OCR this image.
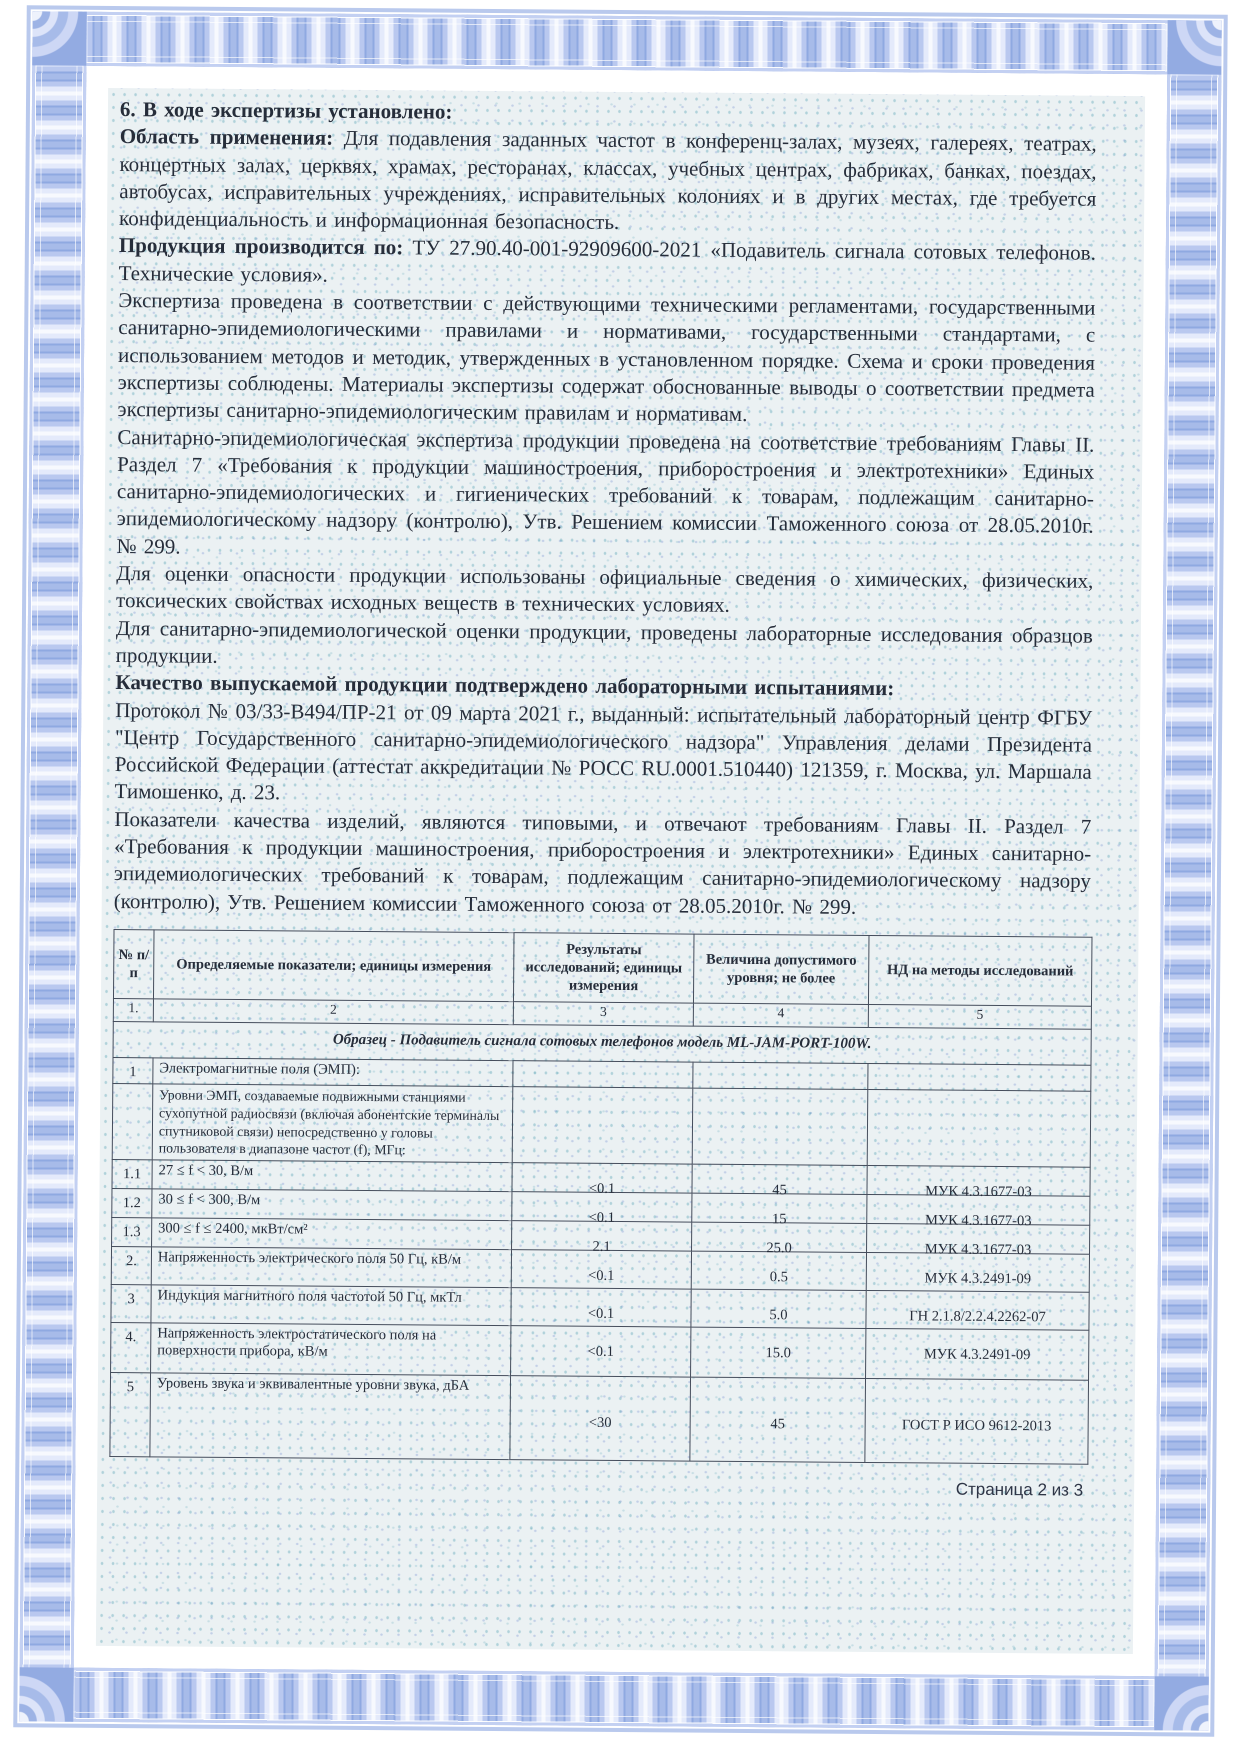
6. В ходе экспертизы установлено:

Область применения: Для подавления заданных частот в конференц-залах, музеях, галереях, театрах, концертных залах, церквях, храмах, ресторанах, классах, учебных центрах, фабриках, банках, поездах, автобусах, исправительных учреждениях, исправительных колониях и в других местах, где требуется конфиденциальность и информационная безопасность.

Продукция производится по: ТУ 27.90.40-001-92909600-2021 «Подавитель сигнала сотовых телефонов. Технические условия».

Экспертиза проведена в соответствии с действующими техническими регламентами, государственными санитарно-эпидемиологическими правилами и нормативами, государственными стандартами, с использованием методов и методик, утвержденных в установленном порядке. Схема и сроки проведения экспертизы соблюдены. Материалы экспертизы содержат обоснованные выводы о соответствии предмета экспертизы санитарно-эпидемиологическим правилам и нормативам.

Санитарно-эпидемиологическая экспертиза продукции проведена на соответствие требованиям Главы II. Раздел 7 «Требования к продукции машиностроения, приборостроения и электротехники» Единых санитарно-эпидемиологических и гигиенических требований к товарам, подлежащим санитарно-эпидемиологическому надзору (контролю), Утв. Решением комиссии Таможенного союза от 28.05.2010г. № 299.

Для оценки опасности продукции использованы официальные сведения о химических, физических, токсических свойствах исходных веществ в технических условиях.

Для санитарно-эпидемиологической оценки продукции, проведены лабораторные исследования образцов продукции.

Качество выпускаемой продукции подтверждено лабораторными испытаниями:

Протокол № 03/33-В494/ПР-21 от 09 марта 2021 г., выданный: испытательный лабораторный центр ФГБУ "Центр Государственного санитарно-эпидемиологического надзора" Управления делами Президента Российской Федерации (аттестат аккредитации № РОСС RU.0001.510440) 121359, г. Москва, ул. Маршала Тимошенко, д. 23.

Показатели качества изделий, являются типовыми, и отвечают требованиям Главы II. Раздел 7 «Требования к продукции машиностроения, приборостроения и электротехники» Единых санитарно-эпидемиологических требований к товарам, подлежащим санитарно-эпидемиологическому надзору (контролю), Утв. Решением комиссии Таможенного союза от 28.05.2010г. № 299.

№ п/п	Определяемые показатели; единицы измерения	Результаты исследований; единицы измерения	Величина допустимого уровня; не более	НД на методы исследований
1.	2	3	4	5
Образец - Подавитель сигнала сотовых телефонов модель ML-JAM-PORT-100W.				
1	Электромагнитные поля (ЭМП):			
	Уровни ЭМП, создаваемые подвижными станциями сухопутной радиосвязи (включая абонентские терминалы спутниковой связи) непосредственно у головы пользователя в диапазоне частот (f), МГц:			
1.1	27 ≤ f < 30, В/м	<0.1	45	МУК 4.3.1677-03
1.2	30 ≤ f < 300, В/м	<0.1	15	МУК 4.3.1677-03
1.3	300 ≤ f ≤ 2400, мкВт/см²	2.1	25.0	МУК 4.3.1677-03
2.	Напряженность электрического поля 50 Гц, кВ/м	<0.1	0.5	МУК 4.3.2491-09
3	Индукция магнитного поля частотой 50 Гц, мкТл	<0.1	5.0	ГН 2.1.8/2.2.4.2262-07
4.	Напряженность электростатического поля на поверхности прибора, кВ/м	<0.1	15.0	МУК 4.3.2491-09
5	Уровень звука и эквивалентные уровни звука, дБА	<30	45	ГОСТ Р ИСО 9612-2013
Страница 2 из 3
